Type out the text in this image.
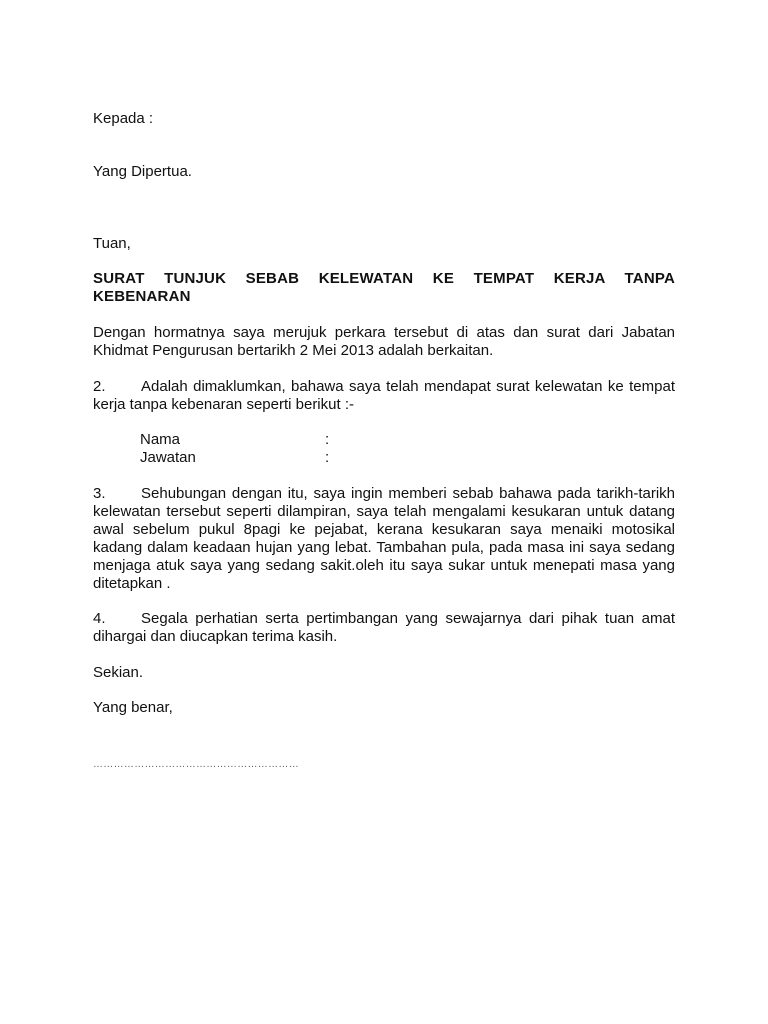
Kepada :

Yang Dipertua.

Tuan,

SURAT TUNJUK SEBAB KELEWATAN KE TEMPAT KERJA TANPA
KEBENARAN

Dengan hormatnya saya merujuk perkara tersebut di atas dan surat dari Jabatan Khidmat Pengurusan bertarikh 2 Mei 2013 adalah berkaitan.

2. Adalah dimaklumkan, bahawa saya telah mendapat surat kelewatan ke tempat kerja tanpa kebenaran seperti berikut :-

Nama	:
Jawatan	:

3. Sehubungan dengan itu, saya ingin memberi sebab bahawa pada tarikh-tarikh kelewatan tersebut seperti dilampiran, saya telah mengalami kesukaran untuk datang awal sebelum pukul 8pagi ke pejabat, kerana kesukaran saya menaiki motosikal kadang dalam keadaan hujan yang lebat. Tambahan pula, pada masa ini saya sedang menjaga atuk saya yang sedang sakit.oleh itu saya sukar untuk menepati masa yang ditetapkan .

4. Segala perhatian serta pertimbangan yang sewajarnya dari pihak tuan amat dihargai dan diucapkan terima kasih.

Sekian.

Yang benar,

……………………………………………………
